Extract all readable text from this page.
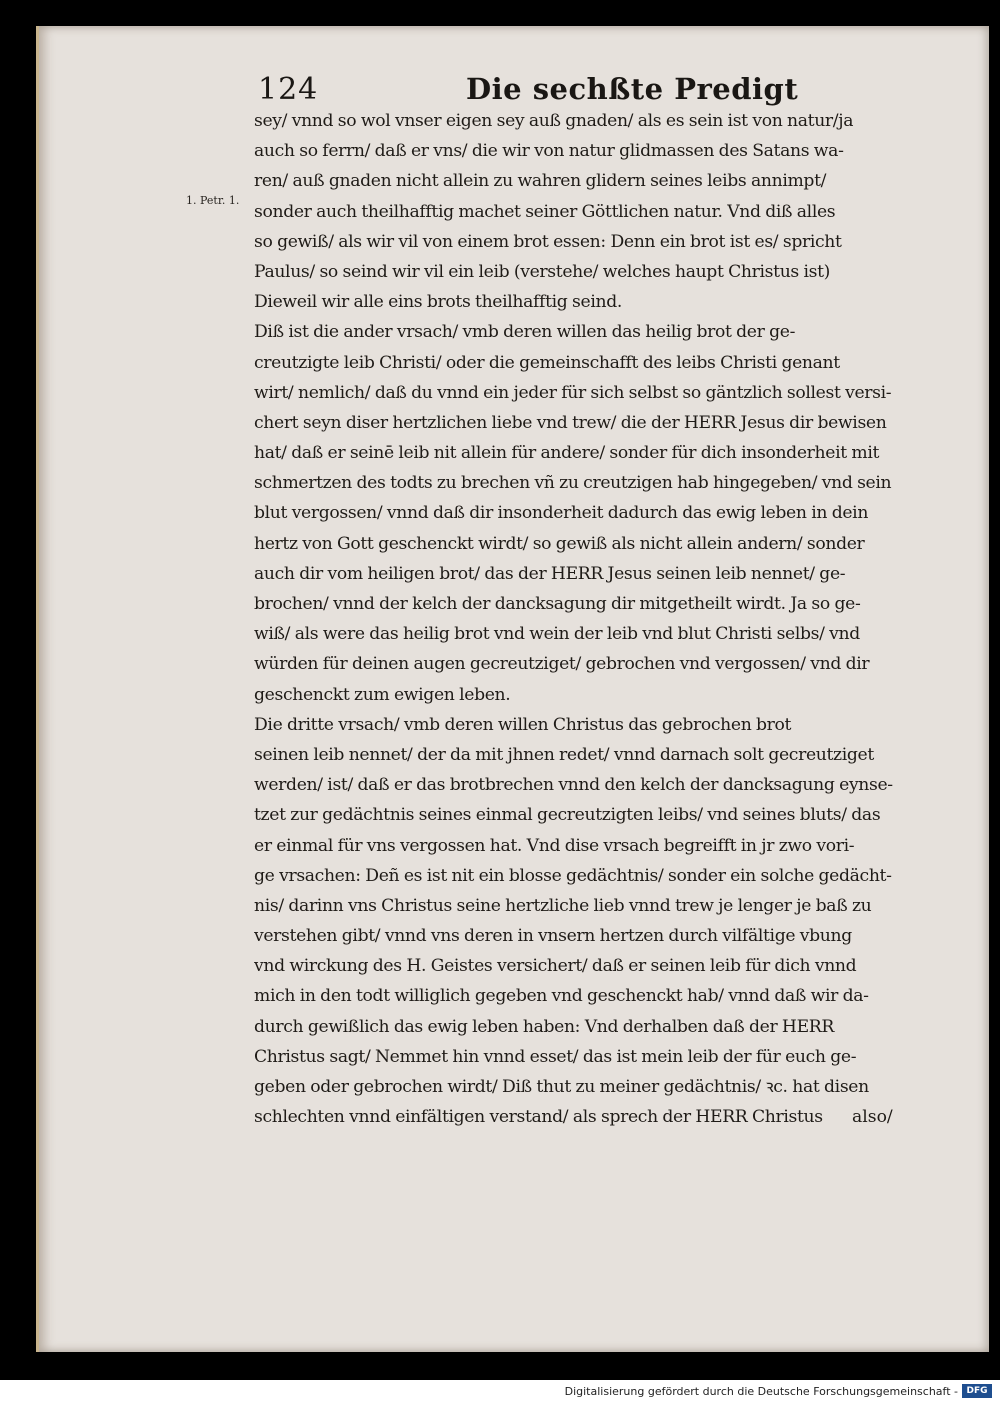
124	Die sechßte Predigt
1. Petr. 1.
sey/ vnnd so wol vnser eigen sey auß gnaden/ als es sein ist von natur/ja
auch so ferrn/ daß er vns/ die wir von natur glidmassen des Satans wa-
ren/ auß gnaden nicht allein zu wahren glidern seines leibs annimpt/
sonder auch theilhafftig machet seiner Göttlichen natur. Vnd diß alles
so gewiß/ als wir vil von einem brot essen: Denn ein brot ist es/ spricht
Paulus/ so seind wir vil ein leib (verstehe/ welches haupt Christus ist)
Dieweil wir alle eins brots theilhafftig seind.
Diß ist die ander vrsach/ vmb deren willen das heilig brot der ge-
creutzigte leib Christi/ oder die gemeinschafft des leibs Christi genant
wirt/ nemlich/ daß du vnnd ein jeder für sich selbst so gäntzlich sollest versi-
chert seyn diser hertzlichen liebe vnd trew/ die der HERR Jesus dir bewisen
hat/ daß er seinē leib nit allein für andere/ sonder für dich insonderheit mit
schmertzen des todts zu brechen vñ zu creutzigen hab hingegeben/ vnd sein
blut vergossen/ vnnd daß dir insonderheit dadurch das ewig leben in dein
hertz von Gott geschenckt wirdt/ so gewiß als nicht allein andern/ sonder
auch dir vom heiligen brot/ das der HERR Jesus seinen leib nennet/ ge-
brochen/ vnnd der kelch der dancksagung dir mitgetheilt wirdt. Ja so ge-
wiß/ als were das heilig brot vnd wein der leib vnd blut Christi selbs/ vnd
würden für deinen augen gecreutziget/ gebrochen vnd vergossen/ vnd dir
geschenckt zum ewigen leben.
Die dritte vrsach/ vmb deren willen Christus das gebrochen brot
seinen leib nennet/ der da mit jhnen redet/ vnnd darnach solt gecreutziget
werden/ ist/ daß er das brotbrechen vnnd den kelch der dancksagung eynse-
tzet zur gedächtnis seines einmal gecreutzigten leibs/ vnd seines bluts/ das
er einmal für vns vergossen hat. Vnd dise vrsach begreifft in jr zwo vori-
ge vrsachen: Deñ es ist nit ein blosse gedächtnis/ sonder ein solche gedächt-
nis/ darinn vns Christus seine hertzliche lieb vnnd trew je lenger je baß zu
verstehen gibt/ vnnd vns deren in vnsern hertzen durch vilfältige vbung
vnd wirckung des H. Geistes versichert/ daß er seinen leib für dich vnnd
mich in den todt williglich gegeben vnd geschenckt hab/ vnnd daß wir da-
durch gewißlich das ewig leben haben: Vnd derhalben daß der HERR
Christus sagt/ Nemmet hin vnnd esset/ das ist mein leib der für euch ge-
geben oder gebrochen wirdt/ Diß thut zu meiner gedächtnis/ ꝛc. hat disen
schlechten vnnd einfältigen verstand/ als sprech der HERR Christus	also/
Digitalisierung gefördert durch die Deutsche Forschungsgemeinschaft - DFG
